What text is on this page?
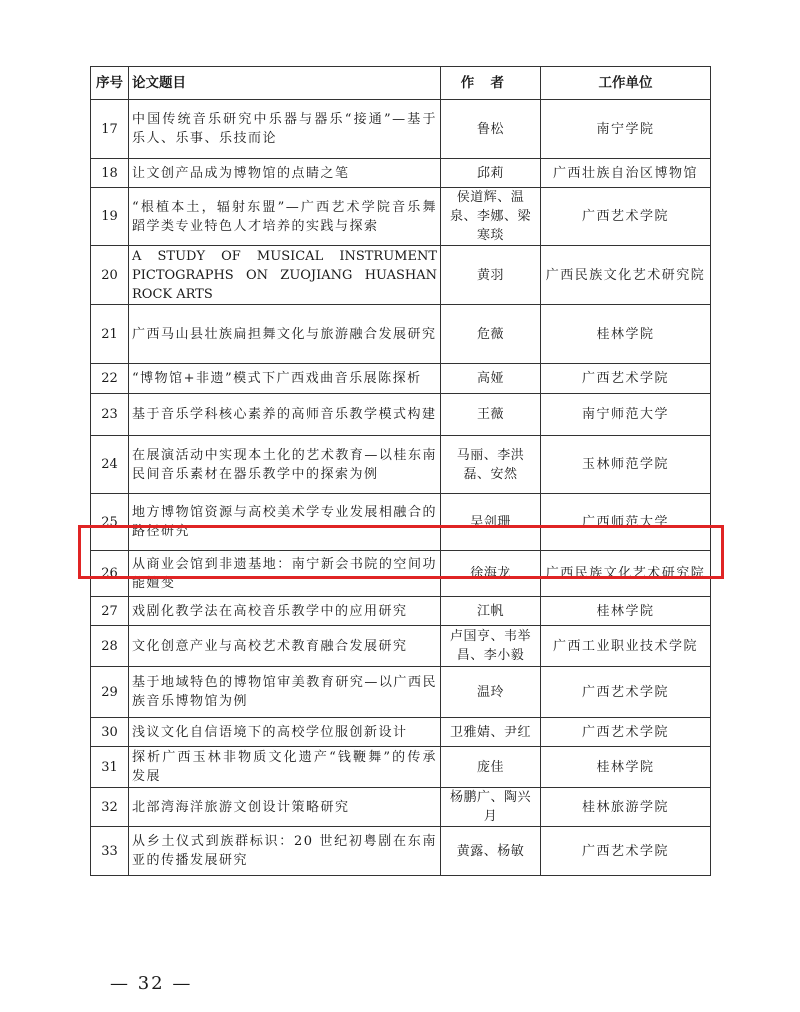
序号	论文题目	作者	工作单位
17	中国传统音乐研究中乐器与器乐“接通”—基于乐人、乐事、乐技而论	鲁松	南宁学院
18	让文创产品成为博物馆的点睛之笔	邱莉	广西壮族自治区博物馆
19	“根植本土，辐射东盟”—广西艺术学院音乐舞蹈学类专业特色人才培养的实践与探索	侯道辉、温泉、李娜、梁寒琰	广西艺术学院
20	A STUDY OF MUSICAL INSTRUMENT PICTOGRAPHS ON ZUOJIANG HUASHAN ROCK ARTS	黄羽	广西民族文化艺术研究院
21	广西马山县壮族扁担舞文化与旅游融合发展研究	危薇	桂林学院
22	“博物馆+非遗”模式下广西戏曲音乐展陈探析	高娅	广西艺术学院
23	基于音乐学科核心素养的高师音乐教学模式构建	王薇	南宁师范大学
24	在展演活动中实现本土化的艺术教育—以桂东南民间音乐素材在器乐教学中的探索为例	马丽、李洪磊、安然	玉林师范学院
25	地方博物馆资源与高校美术学专业发展相融合的路径研究	吴剑珊	广西师范大学
26	从商业会馆到非遗基地：南宁新会书院的空间功能嬗变	徐海龙	广西民族文化艺术研究院
27	戏剧化教学法在高校音乐教学中的应用研究	江帆	桂林学院
28	文化创意产业与高校艺术教育融合发展研究	卢国亨、韦举昌、李小毅	广西工业职业技术学院
29	基于地域特色的博物馆审美教育研究—以广西民族音乐博物馆为例	温玲	广西艺术学院
30	浅议文化自信语境下的高校学位服创新设计	卫雅婧、尹红	广西艺术学院
31	探析广西玉林非物质文化遗产“钱鞭舞”的传承发展	庞佳	桂林学院
32	北部湾海洋旅游文创设计策略研究	杨鹏广、陶兴月	桂林旅游学院
33	从乡土仪式到族群标识：20 世纪初粤剧在东南亚的传播发展研究	黄露、杨敏	广西艺术学院
— 32 —
